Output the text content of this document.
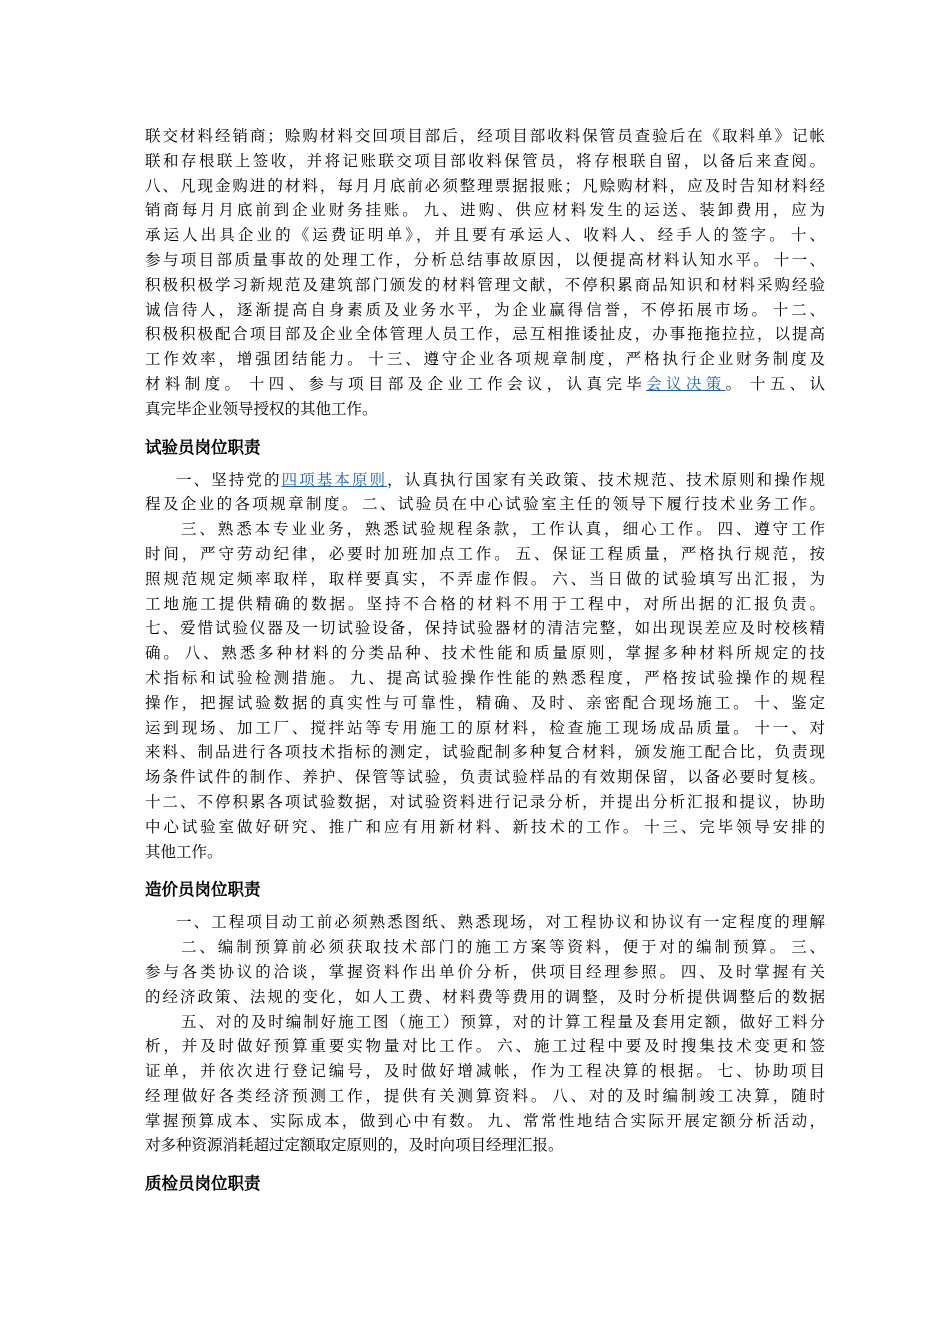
联交材料经销商；赊购材料交回项目部后，经项目部收料保管员查验后在《取料单》记帐
联和存根联上签收，并将记账联交项目部收料保管员，将存根联自留，以备后来查阅。
八、凡现金购进的材料，每月月底前必须整理票据报账；凡赊购材料，应及时告知材料经
销商每月月底前到企业财务挂账。九、进购、供应材料发生的运送、装卸费用，应为
承运人出具企业的《运费证明单》，并且要有承运人、收料人、经手人的签字。十、
参与项目部质量事故的处理工作，分析总结事故原因，以便提高材料认知水平。十一、
积极积极学习新规范及建筑部门颁发的材料管理文献，不停积累商品知识和材料采购经验
诚信待人，逐渐提高自身素质及业务水平，为企业赢得信誉，不停拓展市场。十二、
积极积极配合项目部及企业全体管理人员工作，忌互相推诿扯皮，办事拖拖拉拉，以提高
工作效率，增强团结能力。十三、遵守企业各项规章制度，严格执行企业财务制度及
材料制度。十四、参与项目部及企业工作会议，认真完毕会议决策。十五、认
真完毕企业领导授权的其他工作。
试验员岗位职责
一、坚持党的四项基本原则，认真执行国家有关政策、技术规范、技术原则和操作规
程及企业的各项规章制度。二、试验员在中心试验室主任的领导下履行技术业务工作。
三、熟悉本专业业务，熟悉试验规程条款，工作认真，细心工作。四、遵守工作
时间，严守劳动纪律，必要时加班加点工作。五、保证工程质量，严格执行规范，按
照规范规定频率取样，取样要真实，不弄虚作假。六、当日做的试验填写出汇报，为
工地施工提供精确的数据。坚持不合格的材料不用于工程中，对所出据的汇报负责。
七、爱惜试验仪器及一切试验设备，保持试验器材的清洁完整，如出现误差应及时校核精
确。八、熟悉多种材料的分类品种、技术性能和质量原则，掌握多种材料所规定的技
术指标和试验检测措施。九、提高试验操作性能的熟悉程度，严格按试验操作的规程
操作，把握试验数据的真实性与可靠性，精确、及时、亲密配合现场施工。十、鉴定
运到现场、加工厂、搅拌站等专用施工的原材料，检查施工现场成品质量。十一、对
来料、制品进行各项技术指标的测定，试验配制多种复合材料，颁发施工配合比，负责现
场条件试件的制作、养护、保管等试验，负责试验样品的有效期保留，以备必要时复核。
十二、不停积累各项试验数据，对试验资料进行记录分析，并提出分析汇报和提议，协助
中心试验室做好研究、推广和应有用新材料、新技术的工作。十三、完毕领导安排的
其他工作。
造价员岗位职责
一、工程项目动工前必须熟悉图纸、熟悉现场，对工程协议和协议有一定程度的理解
二、编制预算前必须获取技术部门的施工方案等资料，便于对的编制预算。三、
参与各类协议的洽谈，掌握资料作出单价分析，供项目经理参照。四、及时掌握有关
的经济政策、法规的变化，如人工费、材料费等费用的调整，及时分析提供调整后的数据
五、对的及时编制好施工图（施工）预算，对的计算工程量及套用定额，做好工料分
析，并及时做好预算重要实物量对比工作。六、施工过程中要及时搜集技术变更和签
证单，并依次进行登记编号，及时做好增减帐，作为工程决算的根据。七、协助项目
经理做好各类经济预测工作，提供有关测算资料。八、对的及时编制竣工决算，随时
掌握预算成本、实际成本，做到心中有数。九、常常性地结合实际开展定额分析活动，
对多种资源消耗超过定额取定原则的，及时向项目经理汇报。
质检员岗位职责
